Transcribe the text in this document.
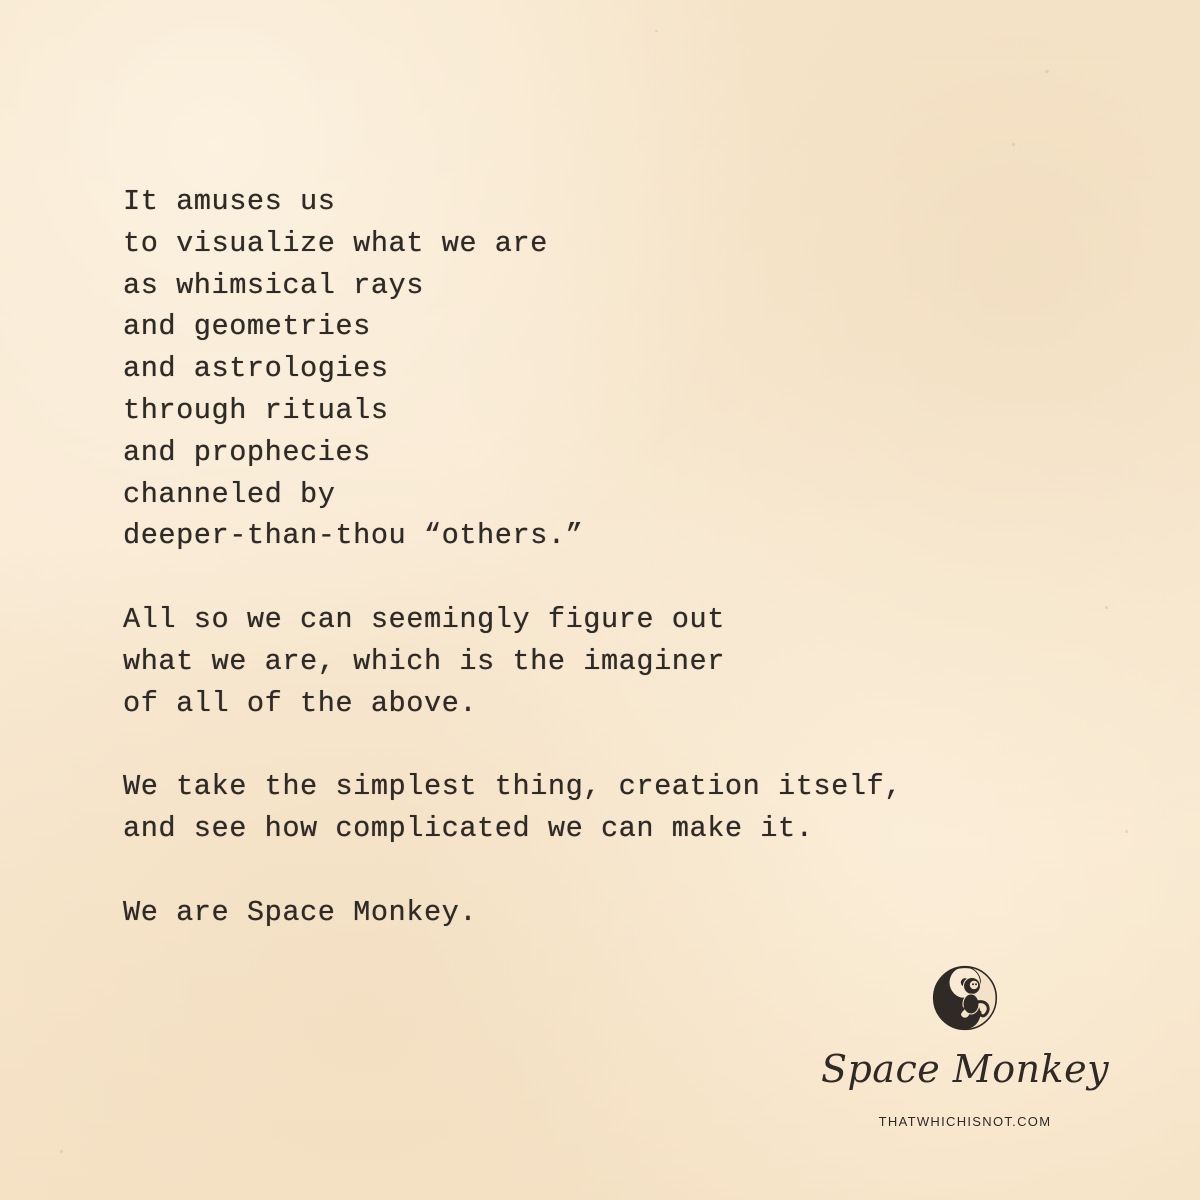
It amuses us
to visualize what we are
as whimsical rays
and geometries
and astrologies
through rituals
and prophecies
channeled by
deeper-than-thou “others.”

All so we can seemingly figure out
what we are, which is the imaginer
of all of the above.

We take the simplest thing, creation itself,
and see how complicated we can make it.

We are Space Monkey.

Space Monkey
THATWHICHISNOT.COM
